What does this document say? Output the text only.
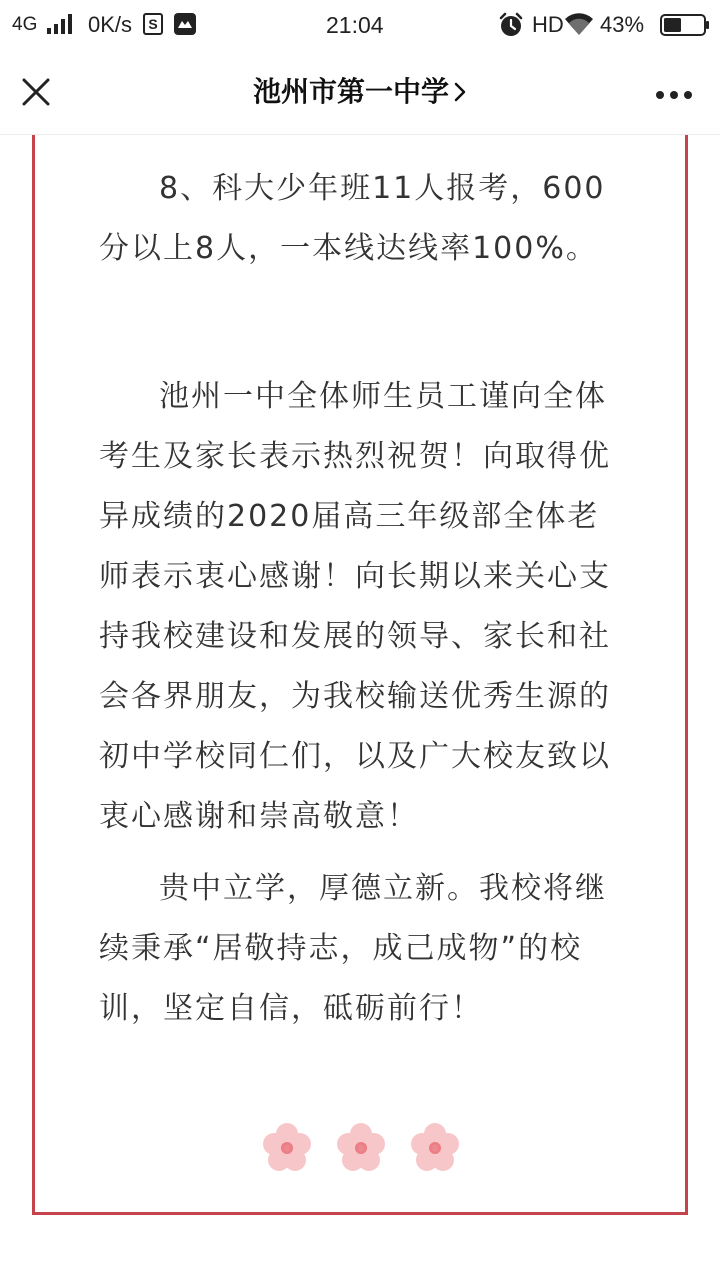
4G 0K/s S	21:04	HD 43%
池州市第一中学

8、科大少年班11人报考，600分以上8人，一本线达线率100%。

池州一中全体师生员工谨向全体考生及家长表示热烈祝贺！向取得优异成绩的2020届高三年级部全体老师表示衷心感谢！向长期以来关心支持我校建设和发展的领导、家长和社会各界朋友，为我校输送优秀生源的初中学校同仁们，以及广大校友致以衷心感谢和崇高敬意！

贵中立学，厚德立新。我校将继续秉承“居敬持志，成己成物”的校训，坚定自信，砥砺前行！
